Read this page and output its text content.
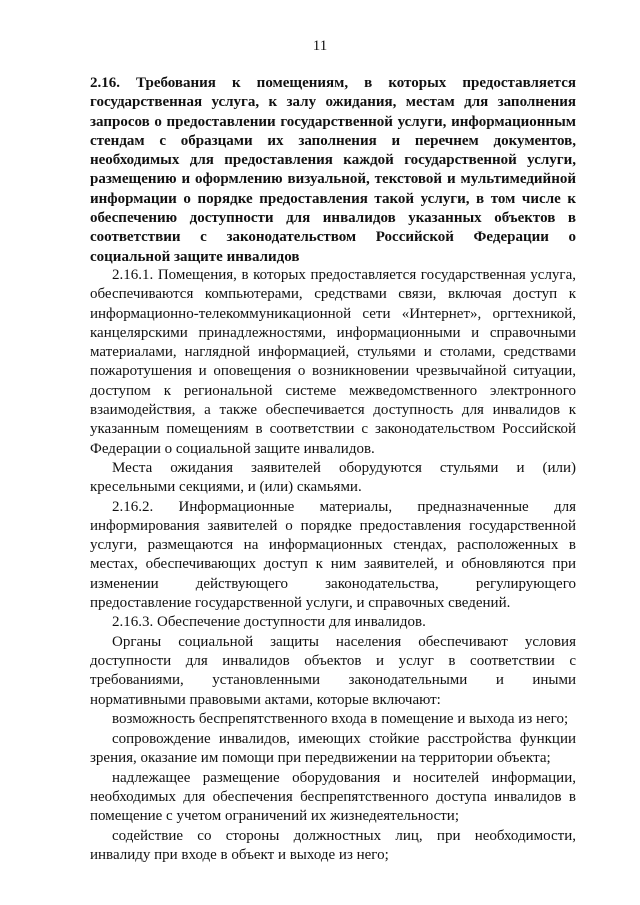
11
2.16. Требования к помещениям, в которых предоставляется государственная услуга, к залу ожидания, местам для заполнения запросов о предоставлении государственной услуги, информационным стендам с образцами их заполнения и перечнем документов, необходимых для предоставления каждой государственной услуги, размещению и оформлению визуальной, текстовой и мультимедийной информации о порядке предоставления такой услуги, в том числе к обеспечению доступности для инвалидов указанных объектов в соответствии с законодательством Российской Федерации о социальной защите инвалидов

2.16.1. Помещения, в которых предоставляется государственная услуга, обеспечиваются компьютерами, средствами связи, включая доступ к информационно-телекоммуникационной сети «Интернет», оргтехникой, канцелярскими принадлежностями, информационными и справочными материалами, наглядной информацией, стульями и столами, средствами пожаротушения и оповещения о возникновении чрезвычайной ситуации, доступом к региональной системе межведомственного электронного взаимодействия, а также обеспечивается доступность для инвалидов к указанным помещениям в соответствии с законодательством Российской Федерации о социальной защите инвалидов.

Места ожидания заявителей оборудуются стульями и (или) кресельными секциями, и (или) скамьями.

2.16.2. Информационные материалы, предназначенные для информирования заявителей о порядке предоставления государственной услуги, размещаются на информационных стендах, расположенных в местах, обеспечивающих доступ к ним заявителей, и обновляются при изменении действующего законодательства, регулирующего предоставление государственной услуги, и справочных сведений.

2.16.3. Обеспечение доступности для инвалидов.

Органы социальной защиты населения обеспечивают условия доступности для инвалидов объектов и услуг в соответствии с требованиями, установленными законодательными и иными нормативными правовыми актами, которые включают:

возможность беспрепятственного входа в помещение и выхода из него;

сопровождение инвалидов, имеющих стойкие расстройства функции зрения, оказание им помощи при передвижении на территории объекта;

надлежащее размещение оборудования и носителей информации, необходимых для обеспечения беспрепятственного доступа инвалидов в помещение с учетом ограничений их жизнедеятельности;

содействие со стороны должностных лиц, при необходимости, инвалиду при входе в объект и выходе из него;
